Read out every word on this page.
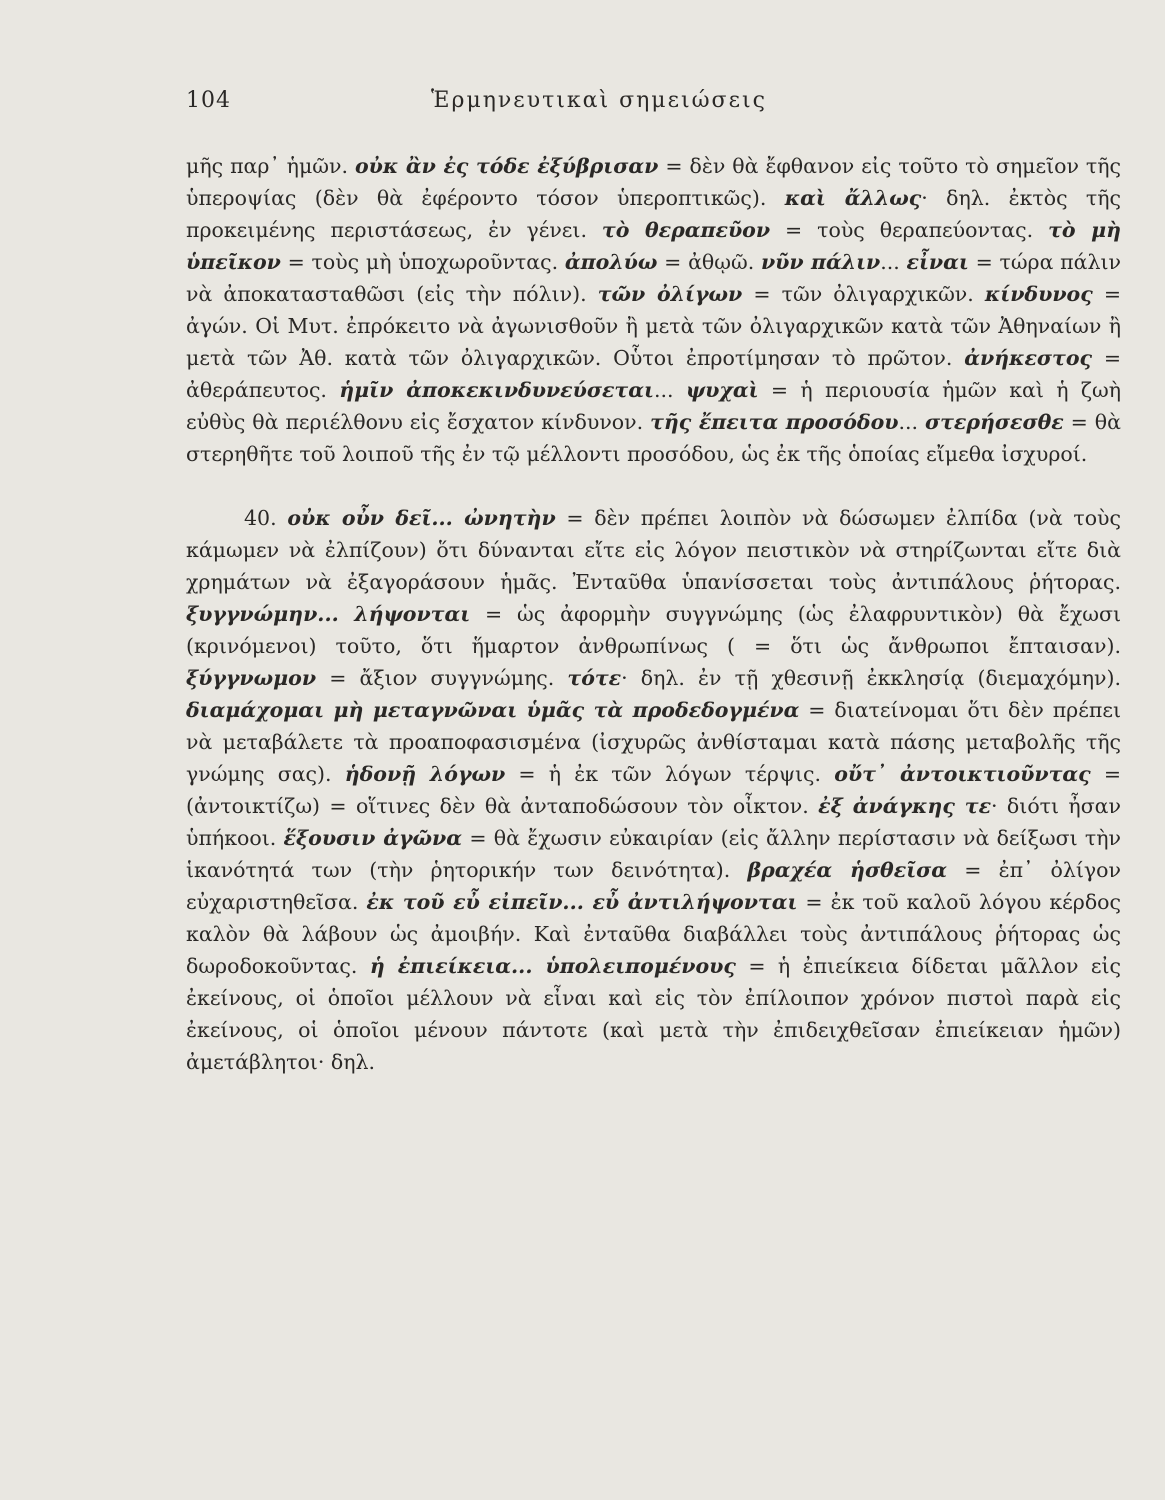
104	Ἑρμηνευτικαὶ σημειώσεις

μῆς παρ᾽ ἡμῶν. οὐκ ἂν ἐς τόδε ἐξύβρισαν = δὲν θὰ ἔφθανον εἰς τοῦτο τὸ σημεῖον τῆς ὑπεροψίας (δὲν θὰ ἐφέροντο τόσον ὑπεροπτικῶς). καὶ ἄλλως· δηλ. ἐκτὸς τῆς προκειμένης περιστάσεως, ἐν γένει. τὸ θεραπεῦον = τοὺς θεραπεύοντας. τὸ μὴ ὑπεῖκον = τοὺς μὴ ὑποχωροῦντας. ἀπολύω = ἀθῳῶ. νῦν πάλιν... εἶναι = τώρα πάλιν νὰ ἀποκατασταθῶσι (εἰς τὴν πόλιν). τῶν ὀλίγων = τῶν ὀλιγαρχικῶν. κίνδυνος = ἀγών. Οἱ Μυτ. ἐπρόκειτο νὰ ἀγωνισθοῦν ἢ μετὰ τῶν ὀλιγαρχικῶν κατὰ τῶν Ἀθηναίων ἢ μετὰ τῶν Ἀθ. κατὰ τῶν ὀλιγαρχικῶν. Οὗτοι ἐπροτίμησαν τὸ πρῶτον. ἀνήκεστος = ἀθεράπευτος. ἡμῖν ἀποκεκινδυνεύσεται... ψυχαὶ = ἡ περιουσία ἡμῶν καὶ ἡ ζωὴ εὐθὺς θὰ περιέλθονυ εἰς ἔσχατον κίνδυνον. τῆς ἔπειτα προσόδου... στερήσεσθε = θὰ στερηθῆτε τοῦ λοιποῦ τῆς ἐν τῷ μέλλοντι προσόδου, ὡς ἐκ τῆς ὁποίας εἴμεθα ἰσχυροί.

40. οὐκ οὖν δεῖ... ὠνητὴν = δὲν πρέπει λοιπὸν νὰ δώσωμεν ἐλπίδα (νὰ τοὺς κάμωμεν νὰ ἐλπίζουν) ὅτι δύνανται εἴτε εἰς λόγον πειστικὸν νὰ στηρίζωνται εἴτε διὰ χρημάτων νὰ ἐξαγοράσουν ἡμᾶς. Ἐνταῦθα ὑπανίσσεται τοὺς ἀντιπάλους ῥήτορας. ξυγγνώμην... λήψονται = ὡς ἀφορμὴν συγγνώμης (ὡς ἐλαφρυντικὸν) θὰ ἔχωσι (κρινόμενοι) τοῦτο, ὅτι ἥμαρτον ἀνθρωπίνως ( = ὅτι ὡς ἄνθρωποι ἔπταισαν). ξύγγνωμον = ἄξιον συγγνώμης. τότε· δηλ. ἐν τῇ χθεσινῇ ἐκκλησίᾳ (διεμαχόμην). διαμάχομαι μὴ μεταγνῶναι ὑμᾶς τὰ προδεδογμένα = διατείνομαι ὅτι δὲν πρέπει νὰ μεταβάλετε τὰ προαποφασισμένα (ἰσχυρῶς ἀνθίσταμαι κατὰ πάσης μεταβολῆς τῆς γνώμης σας). ἡδονῇ λόγων = ἡ ἐκ τῶν λόγων τέρψις. οὔτ᾽ ἀντοικτιοῦντας = (ἀντοικτίζω) = οἵτινες δὲν θὰ ἀνταποδώσουν τὸν οἶκτον. ἐξ ἀνάγκης τε· διότι ἦσαν ὑπήκοοι. ἕξουσιν ἀγῶνα = θὰ ἔχωσιν εὐκαιρίαν (εἰς ἄλλην περίστασιν νὰ δείξωσι τὴν ἱκανότητά των (τὴν ῥητορικήν των δεινότητα). βραχέα ἡσθεῖσα = ἐπ᾽ ὀλίγον εὐχαριστηθεῖσα. ἐκ τοῦ εὖ εἰπεῖν... εὖ ἀντιλήψονται = ἐκ τοῦ καλοῦ λόγου κέρδος καλὸν θὰ λάβουν ὡς ἀμοιβήν. Καὶ ἐνταῦθα διαβάλλει τοὺς ἀντιπάλους ῥήτορας ὡς δωροδοκοῦντας. ἡ ἐπιείκεια... ὑπολειπομένους = ἡ ἐπιείκεια δίδεται μᾶλλον εἰς ἐκείνους, οἱ ὁποῖοι μέλλουν νὰ εἶναι καὶ εἰς τὸν ἐπίλοιπον χρόνον πιστοὶ παρὰ εἰς ἐκείνους, οἱ ὁποῖοι μένουν πάντοτε (καὶ μετὰ τὴν ἐπιδειχθεῖσαν ἐπιείκειαν ἡμῶν) ἀμετάβλητοι· δηλ.
